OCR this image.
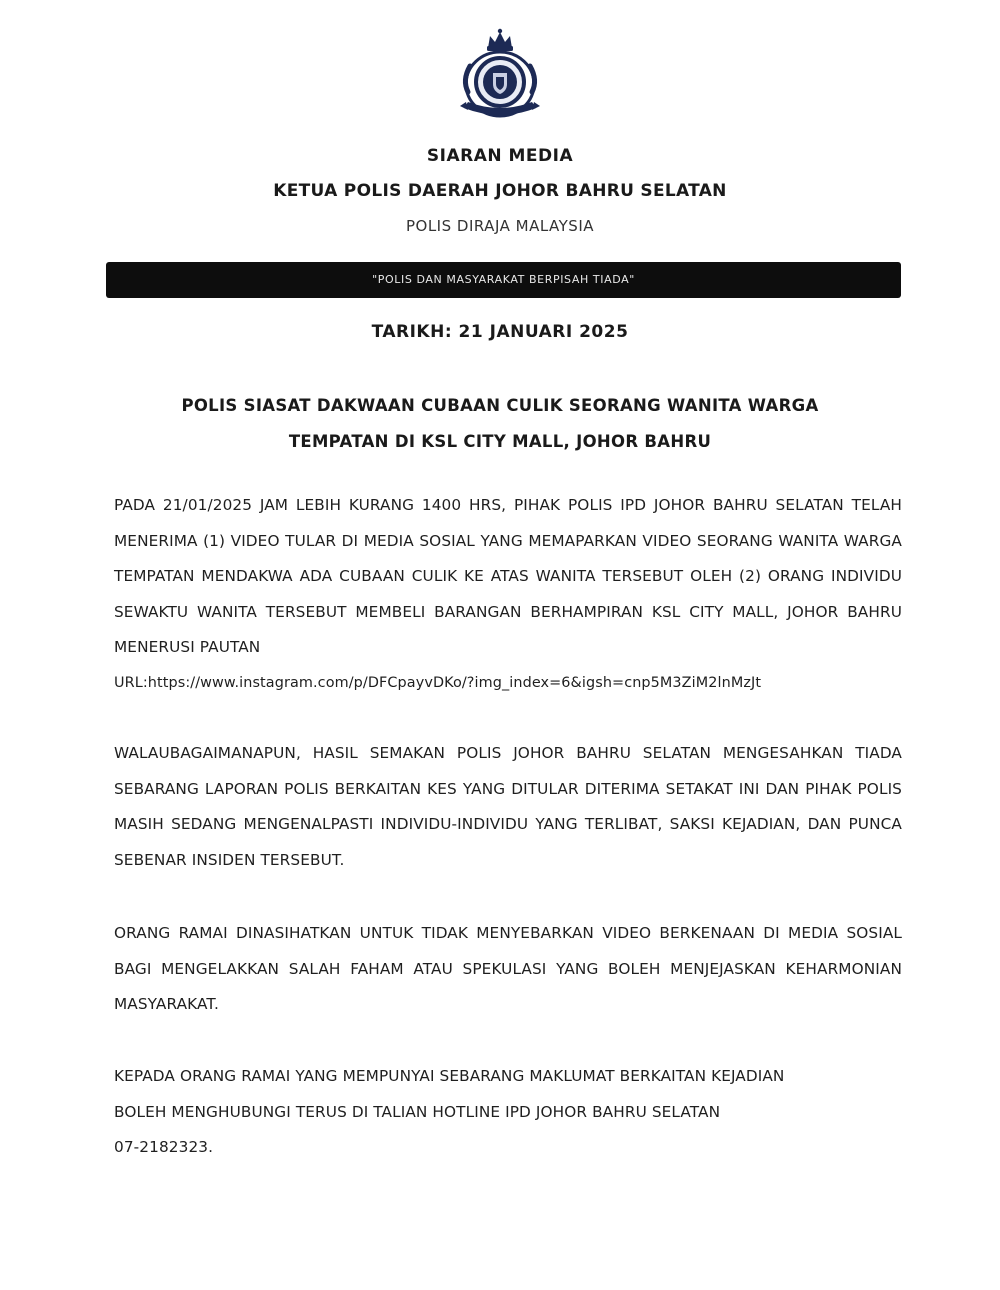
SIARAN MEDIA
KETUA POLIS DAERAH JOHOR BAHRU SELATAN
POLIS DIRAJA MALAYSIA
"POLIS DAN MASYARAKAT BERPISAH TIADA"
TARIKH: 21 JANUARI 2025
POLIS SIASAT DAKWAAN CUBAAN CULIK SEORANG WANITA WARGA
TEMPATAN DI KSL CITY MALL, JOHOR BAHRU
PADA 21/01/2025 JAM LEBIH KURANG 1400 HRS, PIHAK POLIS IPD JOHOR BAHRU SELATAN TELAH MENERIMA (1) VIDEO TULAR DI MEDIA SOSIAL YANG MEMAPARKAN VIDEO SEORANG WANITA WARGA TEMPATAN MENDAKWA ADA CUBAAN CULIK KE ATAS WANITA TERSEBUT OLEH (2) ORANG INDIVIDU SEWAKTU WANITA TERSEBUT MEMBELI BARANGAN BERHAMPIRAN KSL CITY MALL, JOHOR BAHRU MENERUSI PAUTAN
URL:https://www.instagram.com/p/DFCpayvDKo/?img_index=6&igsh=cnp5M3ZiM2lnMzJt
WALAUBAGAIMANAPUN, HASIL SEMAKAN POLIS JOHOR BAHRU SELATAN MENGESAHKAN TIADA SEBARANG LAPORAN POLIS BERKAITAN KES YANG DITULAR DITERIMA SETAKAT INI DAN PIHAK POLIS MASIH SEDANG MENGENALPASTI INDIVIDU-INDIVIDU YANG TERLIBAT, SAKSI KEJADIAN, DAN PUNCA SEBENAR INSIDEN TERSEBUT.
ORANG RAMAI DINASIHATKAN UNTUK TIDAK MENYEBARKAN VIDEO BERKENAAN DI MEDIA SOSIAL BAGI MENGELAKKAN SALAH FAHAM ATAU SPEKULASI YANG BOLEH MENJEJASKAN KEHARMONIAN MASYARAKAT.
KEPADA ORANG RAMAI YANG MEMPUNYAI SEBARANG MAKLUMAT BERKAITAN KEJADIAN
BOLEH MENGHUBUNGI TERUS DI TALIAN HOTLINE IPD JOHOR BAHRU SELATAN
07-2182323.
